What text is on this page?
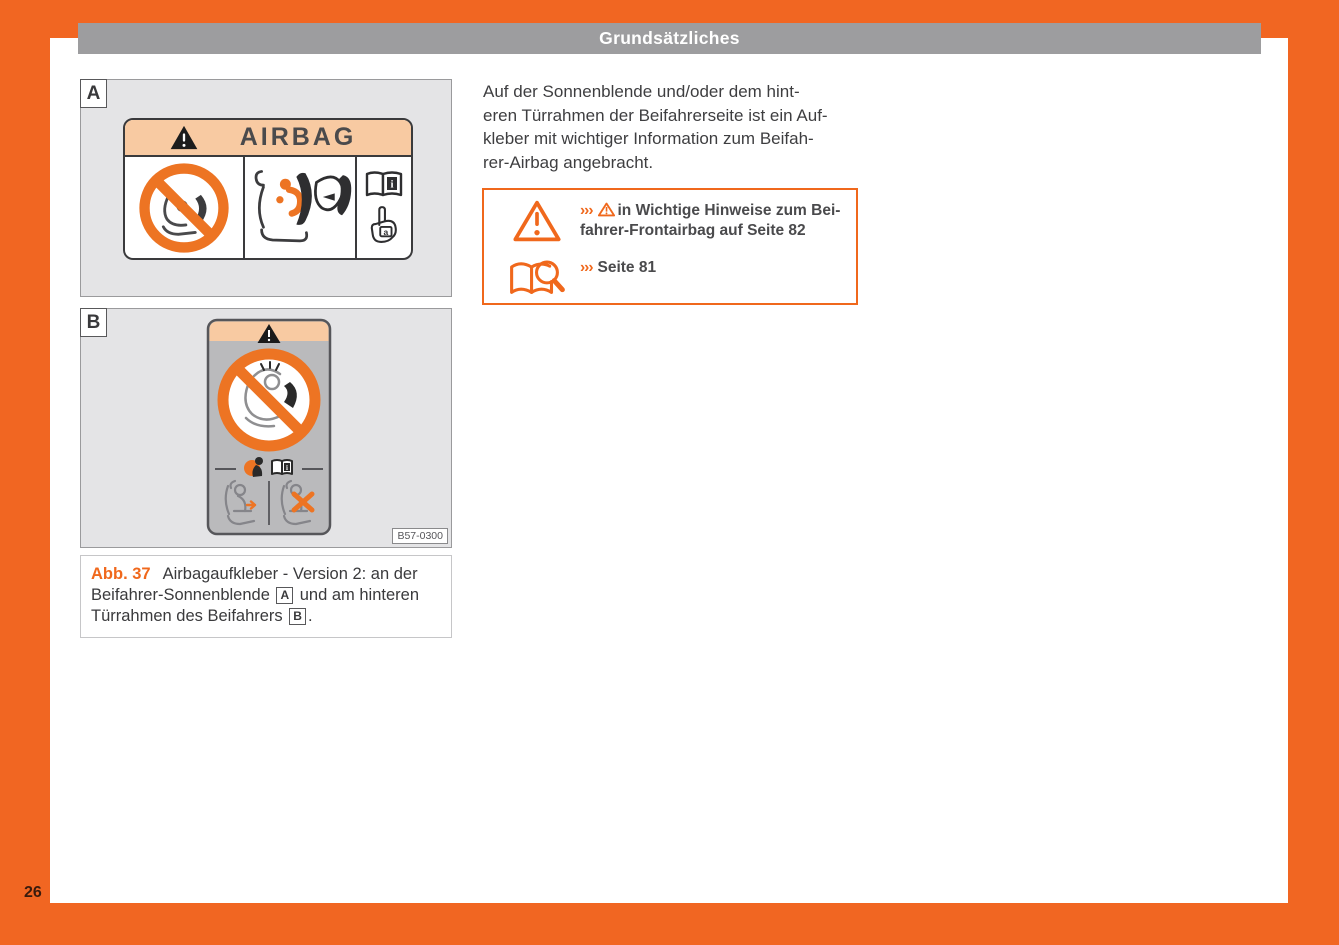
Grundsätzliches
A
AIRBAG
i
a
B
i
B57-0300
Abb. 37 Airbagaufkleber - Version 2: an der
Beifahrer-Sonnenblende A und am hinteren
Türrahmen des Beifahrers B .
Auf der Sonnenblende und/oder dem hint-
eren Türrahmen der Beifahrerseite ist ein Auf-
kleber mit wichtiger Information zum Beifah-
rer-Airbag angebracht.
››› in Wichtige Hinweise zum Bei-
fahrer-Frontairbag auf Seite 82
››› Seite 81
26
